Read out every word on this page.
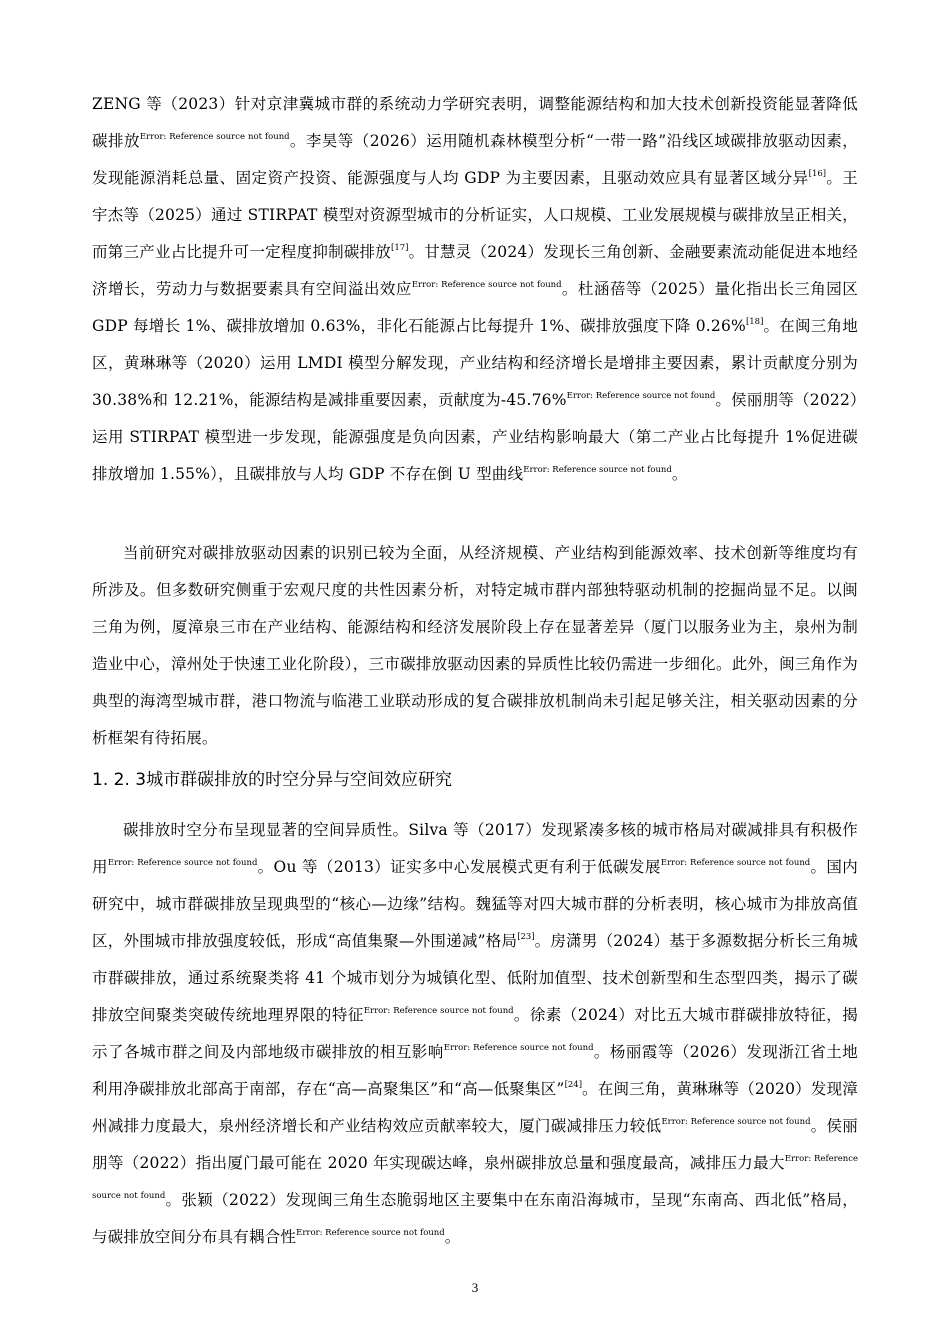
ZENG 等（2023）针对京津冀城市群的系统动力学研究表明，调整能源结构和加大技术创新投资能显著降低碳排放$^{Error: Reference source not found}$。李昊等（2026）运用随机森林模型分析“一带一路”沿线区域碳排放驱动因素，发现能源消耗总量、固定资产投资、能源强度与人均 GDP 为主要因素，且驱动效应具有显著区域分异[16]。王宇杰等（2025）通过 STIRPAT 模型对资源型城市的分析证实，人口规模、工业发展规模与碳排放呈正相关，而第三产业占比提升可一定程度抑制碳排放[17]。甘慧灵（2024）发现长三角创新、金融要素流动能促进本地经济增长，劳动力与数据要素具有空间溢出效应$^{Error: Reference source not found}$。杜涵蓓等（2025）量化指出长三角园区 GDP 每增长 1%、碳排放增加 0.63%，非化石能源占比每提升 1%、碳排放强度下降 0.26%[18]。在闽三角地区，黄琳琳等（2020）运用 LMDI 模型分解发现，产业结构和经济增长是增排主要因素，累计贡献度分别为 30.38%和 12.21%，能源结构是减排重要因素，贡献度为-45.76%$^{Error: Reference source not found}$。侯丽朋等（2022）运用 STIRPAT 模型进一步发现，能源强度是负向因素，产业结构影响最大（第二产业占比每提升 1%促进碳排放增加 1.55%），且碳排放与人均 GDP 不存在倒 U 型曲线$^{Error: Reference source not found}$。
当前研究对碳排放驱动因素的识别已较为全面，从经济规模、产业结构到能源效率、技术创新等维度均有所涉及。但多数研究侧重于宏观尺度的共性因素分析，对特定城市群内部独特驱动机制的挖掘尚显不足。以闽三角为例，厦漳泉三市在产业结构、能源结构和经济发展阶段上存在显著差异（厦门以服务业为主，泉州为制造业中心，漳州处于快速工业化阶段），三市碳排放驱动因素的异质性比较仍需进一步细化。此外，闽三角作为典型的海湾型城市群，港口物流与临港工业联动形成的复合碳排放机制尚未引起足够关注，相关驱动因素的分析框架有待拓展。
1. 2. 3城市群碳排放的时空分异与空间效应研究
碳排放时空分布呈现显著的空间异质性。Silva 等（2017）发现紧凑多核的城市格局对碳减排具有积极作用$^{Error: Reference source not found}$。Ou 等（2013）证实多中心发展模式更有利于低碳发展$^{Error: Reference source not found}$。国内研究中，城市群碳排放呈现典型的“核心—边缘”结构。魏猛等对四大城市群的分析表明，核心城市为排放高值区，外围城市排放强度较低，形成“高值集聚—外围递减”格局[23]。房潇男（2024）基于多源数据分析长三角城市群碳排放，通过系统聚类将 41 个城市划分为城镇化型、低附加值型、技术创新型和生态型四类，揭示了碳排放空间聚类突破传统地理界限的特征$^{Error: Reference source not found}$。徐素（2024）对比五大城市群碳排放特征，揭示了各城市群之间及内部地级市碳排放的相互影响$^{Error: Reference source not found}$。杨丽霞等（2026）发现浙江省土地利用净碳排放北部高于南部，存在“高—高聚集区”和“高—低聚集区”[24]。在闽三角，黄琳琳等（2020）发现漳州减排力度最大，泉州经济增长和产业结构效应贡献率较大，厦门碳减排压力较低$^{Error: Reference source not found}$。侯丽朋等（2022）指出厦门最可能在 2020 年实现碳达峰，泉州碳排放总量和强度最高，减排压力最大$^{Error: Reference source not found}$。张颖（2022）发现闽三角生态脆弱地区主要集中在东南沿海城市，呈现“东南高、西北低”格局，与碳排放空间分布具有耦合性$^{Error: Reference source not found}$。
3
